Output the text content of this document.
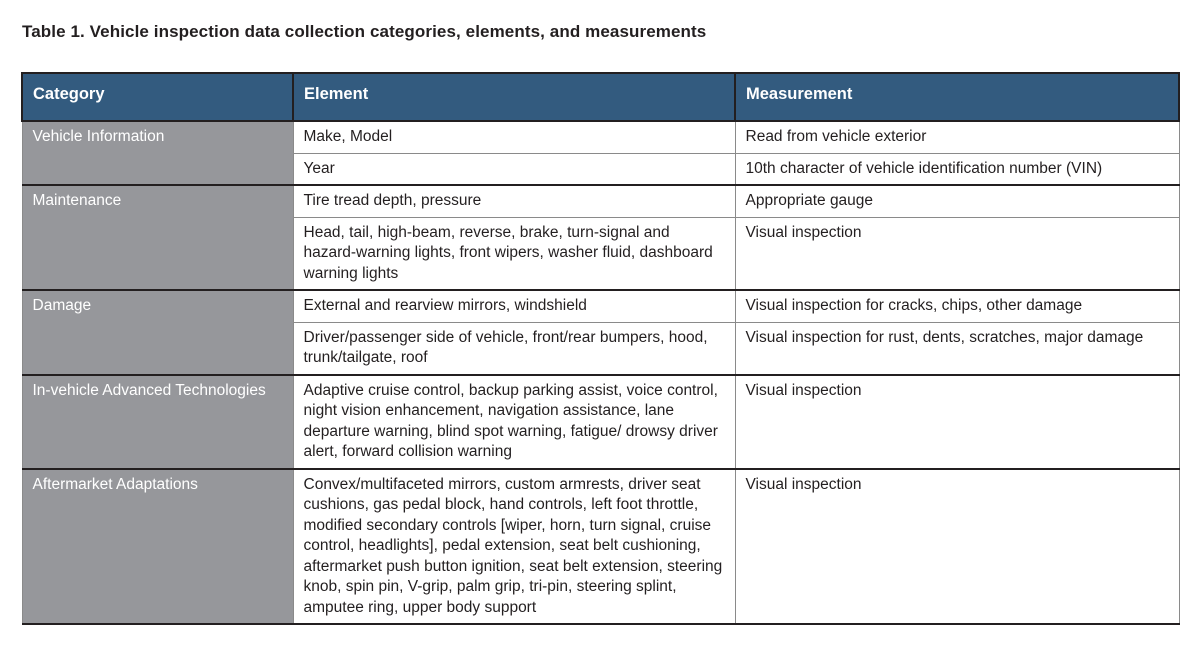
Table 1. Vehicle inspection data collection categories, elements, and measurements
Category	Element	Measurement
Vehicle Information	Make, Model	Read from vehicle exterior
	Year	10th character of vehicle identification number (VIN)
Maintenance	Tire tread depth, pressure	Appropriate gauge
	Head, tail, high-beam, reverse, brake, turn-signal and hazard-warning lights, front wipers, washer fluid, dashboard warning lights	Visual inspection
Damage	External and rearview mirrors, windshield	Visual inspection for cracks, chips, other damage
	Driver/passenger side of vehicle, front/rear bumpers, hood, trunk/tailgate, roof	Visual inspection for rust, dents, scratches, major damage
In-vehicle Advanced Technologies	Adaptive cruise control, backup parking assist, voice control, night vision enhancement, navigation assistance, lane departure warning, blind spot warning, fatigue/ drowsy driver alert, forward collision warning	Visual inspection
Aftermarket Adaptations	Convex/multifaceted mirrors, custom armrests, driver seat cushions, gas pedal block, hand controls, left foot throttle, modified secondary controls [wiper, horn, turn signal, cruise control, headlights], pedal extension, seat belt cushioning, aftermarket push button ignition, seat belt extension, steering knob, spin pin, V-grip, palm grip, tri-pin, steering splint, amputee ring, upper body support	Visual inspection
